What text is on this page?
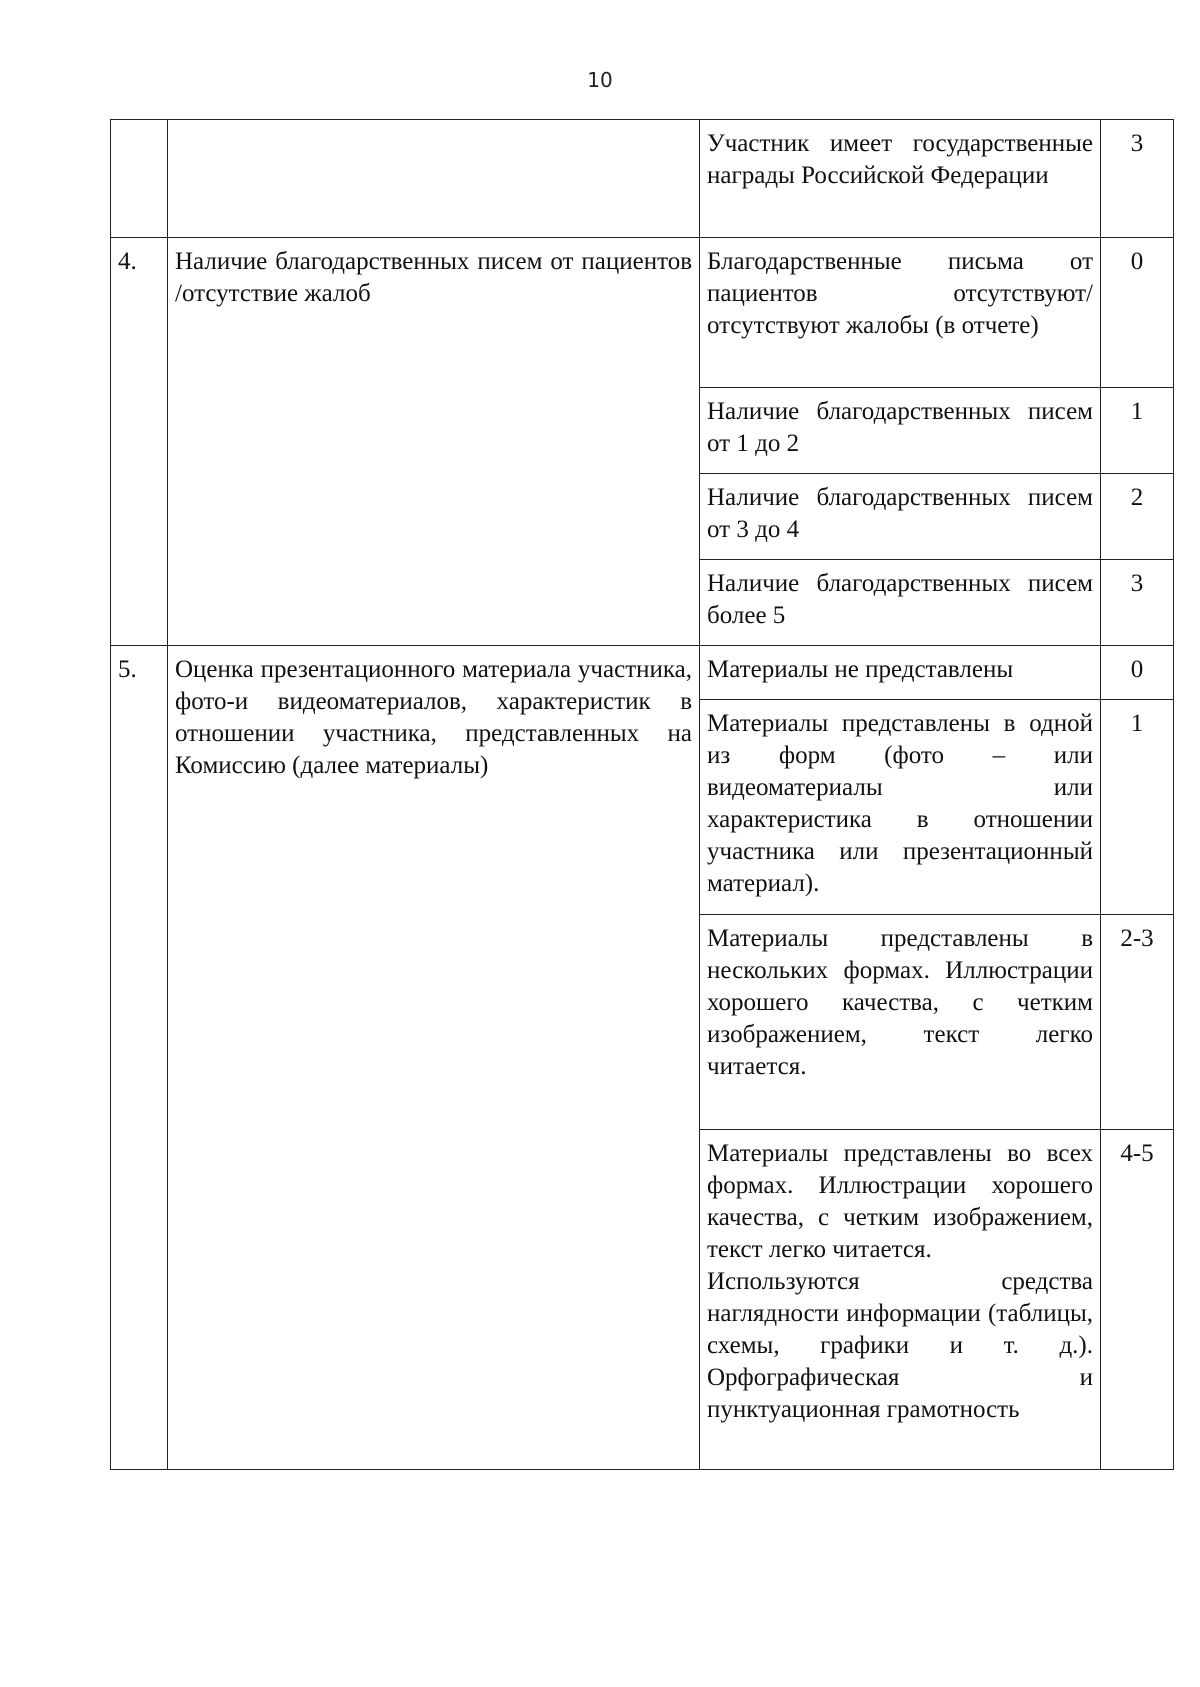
10
		Участник имеет государственные награды Российской Федерации	3
4.	Наличие благодарственных писем от пациентов /отсутствие жалоб	Благодарственные письма от пациентов отсутствуют/отсутствуют жалобы (в отчете)	0
		Наличие благодарственных писем от 1 до 2	1
		Наличие благодарственных писем от 3 до 4	2
		Наличие благодарственных писем более 5	3
5.	Оценка презентационного материала участника, фото-и видеоматериалов, характеристик в отношении участника, представленных на Комиссию (далее материалы)	Материалы не представлены	0
		Материалы представлены в одной из форм (фото – или видеоматериалы или характеристика в отношении участника или презентационный материал).	1
		Материалы представлены в нескольких формах. Иллюстрации хорошего качества, с четким изображением, текст легко читается.	2-3

		Материалы представлены во всех формах. Иллюстрации хорошего качества, с четким изображением, текст легко читается.
Используются средства наглядности информации (таблицы, схемы, графики и т. д.). Орфографическая и пунктуационная грамотность	4-5
